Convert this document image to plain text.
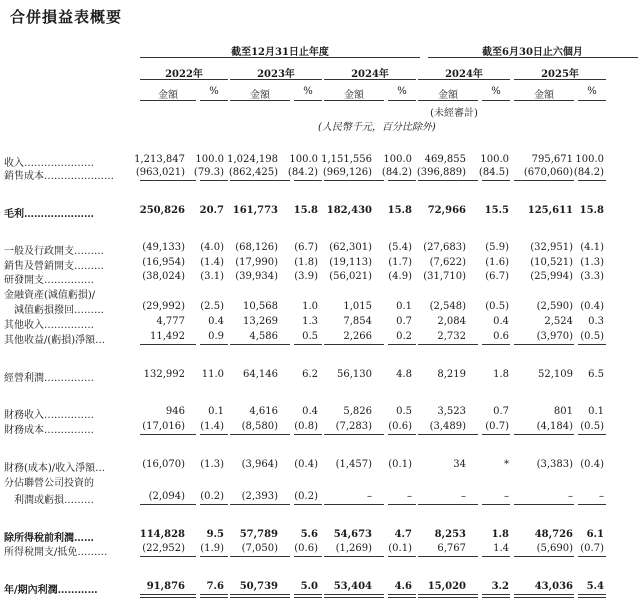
合併損益表概要
截至12月31日止年度	截至6月30日止六個月
2022年	2023年	2024年	2024年	2025年
金額	%	金額	%	金額	%	金額	%	金額	%
(未經審計)
(人民幣千元，百分比除外)
收入…………………	1,213,847	100.0 1,024,198	100.0 1,151,556	100.0	469,855	100.0	795,671 100.0
銷售成本…………………	(963,021) (79.3) (862,425) (84.2) (969,126) (84.2) (396,889)	(84.5)	(670,060) (84.2)
毛利…………………	250,826	20.7 161,773	15.8 182,430	15.8	72,966	15.5	125,611 15.8
一般及行政開支………	(49,133)	(4.0)	(68,126)	(6.7)	(62,301)	(5.4)	(27,683)	(5.9)	(32,951) (4.1)
銷售及營銷開支………	(16,954)	(1.4)	(17,990)	(1.8)	(19,113)	(1.7)	(7,622)	(1.6)	(10,521) (1.3)
研發開支……………	(38,024)	(3.1)	(39,934)	(3.9)	(56,021)	(4.9)	(31,710)	(6.7)	(25,994) (3.3)
金融資產(減值虧損)/
　減值虧損撥回………	(29,992)	(2.5)	10,568	1.0	1,015	0.1	(2,548)	(0.5)	(2,590) (0.4)
其他收入……………	4,777	0.4	13,269	1.3	7,854	0.7	2,084	0.4	2,524	0.3
其他收益/(虧損)淨額…	11,492	0.9	4,586	0.5	2,266	0.2	2,732	0.6	(3,970) (0.5)
經營利潤……………	132,992	11.0	64,146	6.2	56,130	4.8	8,219	1.8	52,109	6.5
財務收入……………	946	0.1	4,616	0.4	5,826	0.5	3,523	0.7	801	0.1
財務成本……………	(17,016)	(1.4)	(8,580)	(0.8)	(7,283)	(0.6)	(3,489)	(0.7)	(4,184) (0.5)
財務(成本)/收入淨額…	(16,070)	(1.3)	(3,964)	(0.4)	(1,457)	(0.1)	34	*	(3,383) (0.4)
分佔聯營公司投資的
　利潤或虧損………	(2,094)	(0.2)	(2,393)	(0.2)	–	–	–	–	–	–
除所得稅前利潤……	114,828	9.5	57,789	5.6	54,673	4.7	8,253	1.8	48,726	6.1
所得稅開支/抵免………	(22,952)	(1.9)	(7,050)	(0.6)	(1,269)	(0.1)	6,767	1.4	(5,690) (0.7)
年/期內利潤…………	91,876	7.6	50,739	5.0	53,404	4.6	15,020	3.2	43,036	5.4
